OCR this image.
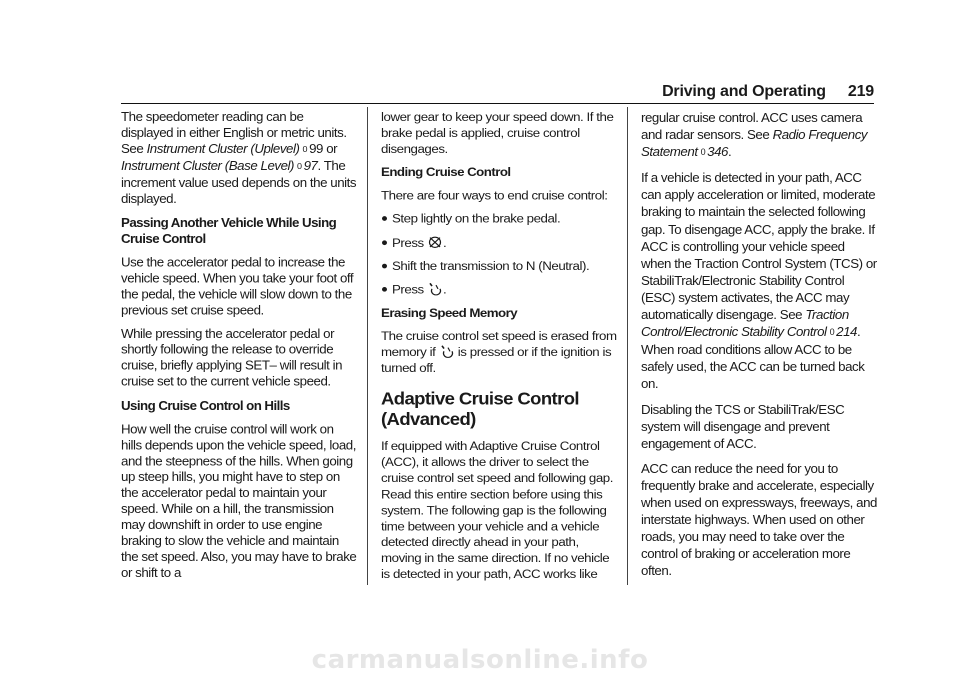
Driving and Operating 219

The speedometer reading can be displayed in either English or metric units. See Instrument Cluster (Uplevel) 0 99 or Instrument Cluster (Base Level) 0 97. The increment value used depends on the units displayed.

Passing Another Vehicle While Using Cruise Control

Use the accelerator pedal to increase the vehicle speed. When you take your foot off the pedal, the vehicle will slow down to the previous set cruise speed.

While pressing the accelerator pedal or shortly following the release to override cruise, briefly applying SET– will result in cruise set to the current vehicle speed.

Using Cruise Control on Hills

How well the cruise control will work on hills depends upon the vehicle speed, load, and the steepness of the hills. When going up steep hills, you might have to step on the accelerator pedal to maintain your speed. While on a hill, the transmission may downshift in order to use engine braking to slow the vehicle and maintain the set speed. Also, you may have to brake or shift to a

lower gear to keep your speed down. If the brake pedal is applied, cruise control disengages.

Ending Cruise Control

There are four ways to end cruise control:

Step lightly on the brake pedal.

Press .

Shift the transmission to N (Neutral).

Press .

Erasing Speed Memory

The cruise control set speed is erased from memory if  is pressed or if the ignition is turned off.

Adaptive Cruise Control (Advanced)

If equipped with Adaptive Cruise Control (ACC), it allows the driver to select the cruise control set speed and following gap. Read this entire section before using this system. The following gap is the following time between your vehicle and a vehicle detected directly ahead in your path, moving in the same direction. If no vehicle is detected in your path, ACC works like

regular cruise control. ACC uses camera and radar sensors. See Radio Frequency Statement 0 346.

If a vehicle is detected in your path, ACC can apply acceleration or limited, moderate braking to maintain the selected following gap. To disengage ACC, apply the brake. If ACC is controlling your vehicle speed when the Traction Control System (TCS) or StabiliTrak/Electronic Stability Control (ESC) system activates, the ACC may automatically disengage. See Traction Control/Electronic Stability Control 0 214. When road conditions allow ACC to be safely used, the ACC can be turned back on.

Disabling the TCS or StabiliTrak/ESC system will disengage and prevent engagement of ACC.

ACC can reduce the need for you to frequently brake and accelerate, especially when used on expressways, freeways, and interstate highways. When used on other roads, you may need to take over the control of braking or acceleration more often.

carmanualsonline.info
